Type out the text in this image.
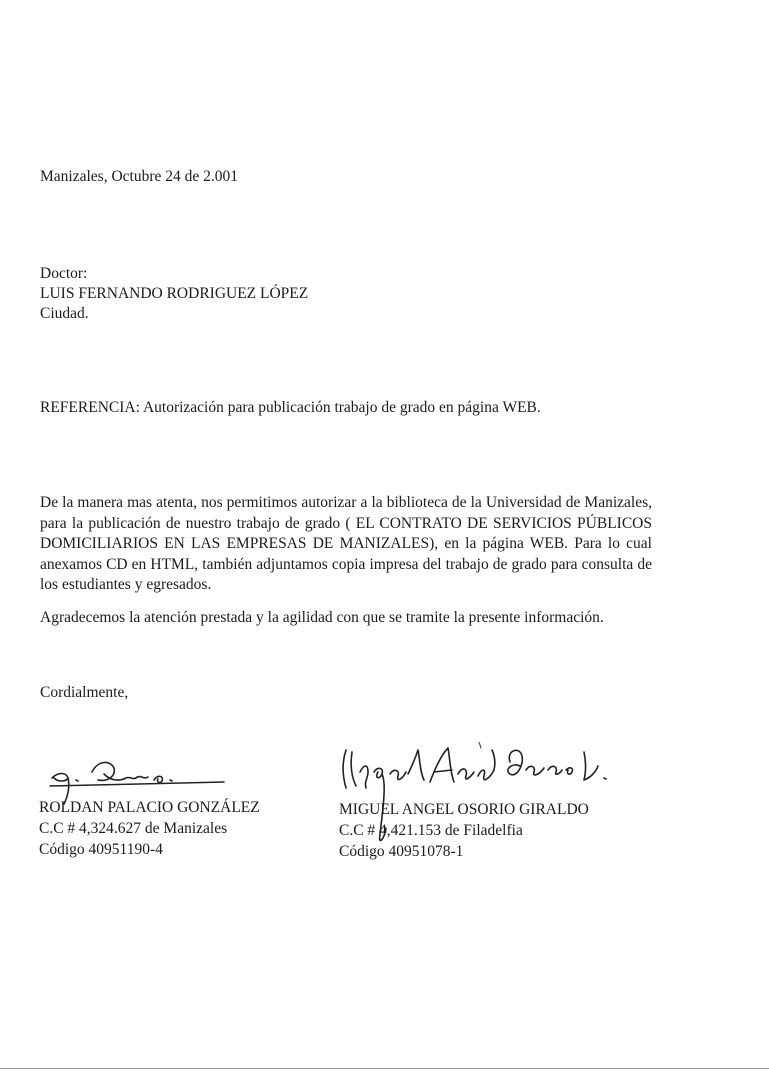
Manizales, Octubre 24 de 2.001
Doctor:
LUIS FERNANDO RODRIGUEZ LÓPEZ
Ciudad.
REFERENCIA: Autorización para publicación trabajo de grado en página WEB.
De la manera mas atenta, nos permitimos autorizar a la biblioteca de la Universidad de Manizales, para la publicación de nuestro trabajo de grado ( EL CONTRATO DE SERVICIOS PÚBLICOS DOMICILIARIOS EN LAS EMPRESAS DE MANIZALES), en la página WEB. Para lo cual anexamos CD en HTML, también adjuntamos copia impresa del trabajo de grado para consulta de los estudiantes y egresados.
Agradecemos la atención prestada y la agilidad con que se tramite la presente información.
Cordialmente,
ROLDAN PALACIO GONZÁLEZ
C.C # 4,324.627 de Manizales
Código 40951190-4
MIGUEL ANGEL OSORIO GIRALDO
C.C # 4,421.153 de Filadelfia
Código 40951078-1
